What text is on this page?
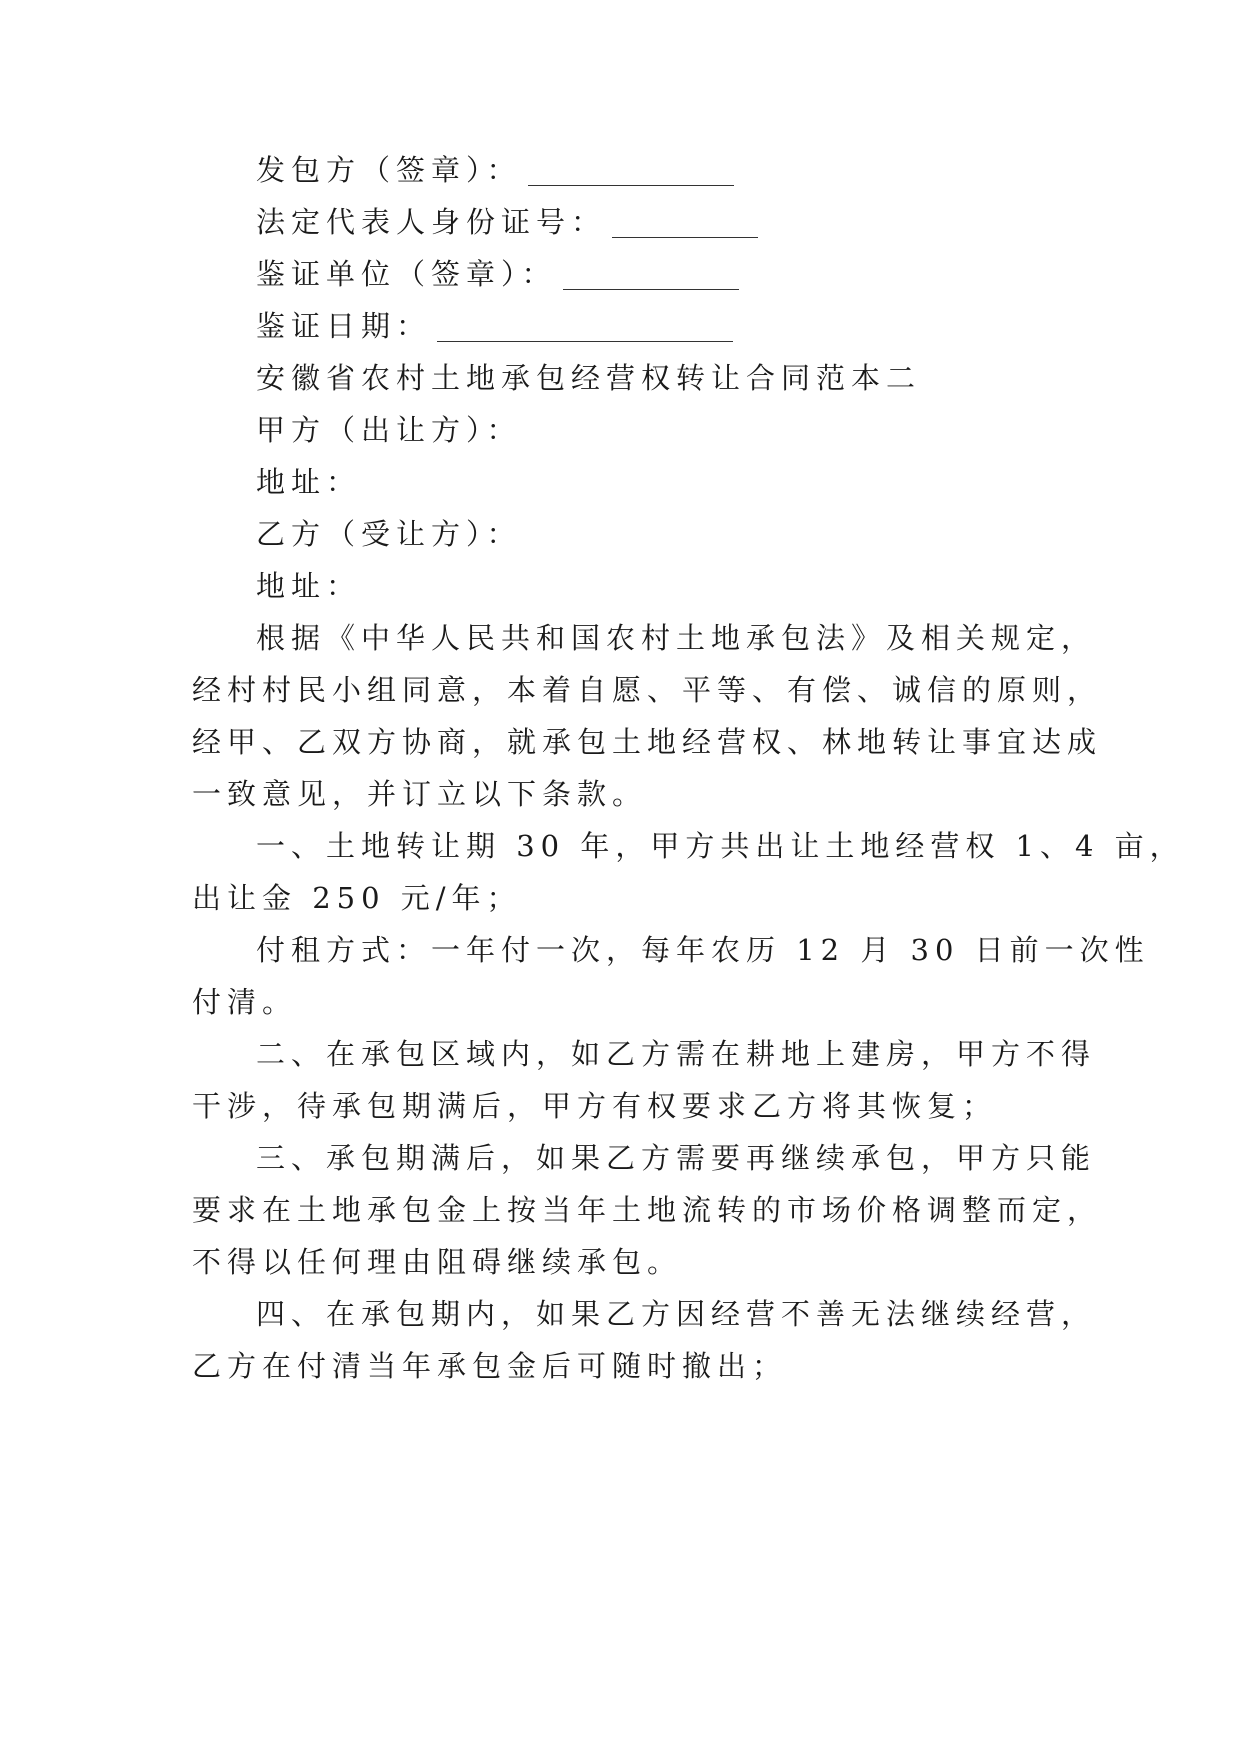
发包方（签章）：
法定代表人身份证号：
鉴证单位（签章）：
鉴证日期：
安徽省农村土地承包经营权转让合同范本二
甲方（出让方）：
地址：
乙方（受让方）：
地址：
根据《中华人民共和国农村土地承包法》及相关规定，
经村村民小组同意，本着自愿、平等、有偿、诚信的原则，
经甲、乙双方协商，就承包土地经营权、林地转让事宜达成
一致意见，并订立以下条款。
一、土地转让期 30 年，甲方共出让土地经营权 1、4 亩，
出让金 250 元/年；
付租方式：一年付一次，每年农历 12 月 30 日前一次性
付清。
二、在承包区域内，如乙方需在耕地上建房，甲方不得
干涉，待承包期满后，甲方有权要求乙方将其恢复；
三、承包期满后，如果乙方需要再继续承包，甲方只能
要求在土地承包金上按当年土地流转的市场价格调整而定，
不得以任何理由阻碍继续承包。
四、在承包期内，如果乙方因经营不善无法继续经营，
乙方在付清当年承包金后可随时撤出；
